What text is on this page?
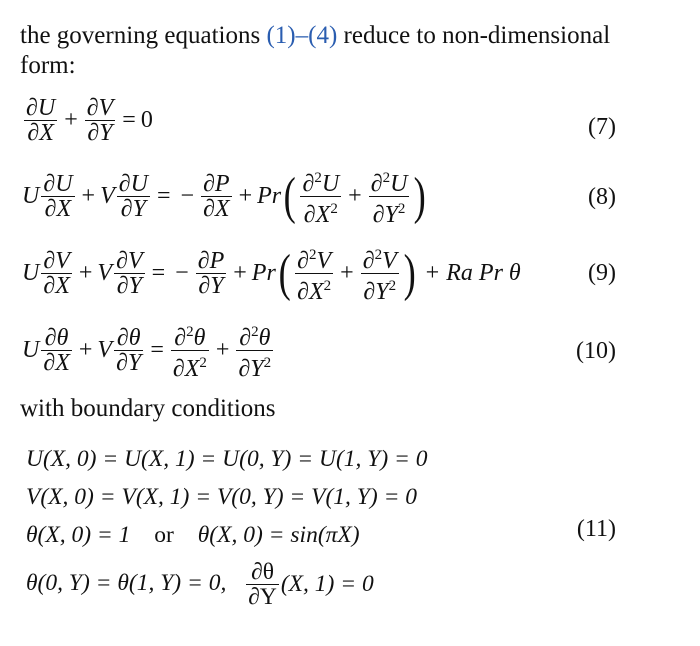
the governing equations (1)–(4) reduce to non-dimensional
form:
$\frac{\partial U}{\partial X} + \frac{\partial V}{\partial Y} = 0$	(7)
U $\frac{\partial U}{\partial X} + V \frac{\partial U}{\partial Y}$ = − $\frac{\partial P}{\partial X} + Pr( \frac{\partial^2U}{\partial X^2} + \frac{\partial^2U}{\partial Y^2}$ )	(8)
U $\frac{\partial V}{\partial X} + V \frac{\partial V}{\partial Y}$ = − $\frac{\partial P}{\partial Y} + Pr( \frac{\partial^2V}{\partial X^2} + \frac{\partial^2V}{\partial Y^2}$ ) + Ra Pr θ	(9)
U $\frac{\partial\theta}{\partial X} + V \frac{\partial\theta}{\partial Y} = \frac{\partial^2\theta}{\partial X^2} + \frac{\partial^2\theta}{\partial Y^2}$	(10)
with boundary conditions
U(X, 0) = U(X, 1) = U(0, Y) = U(1, Y) = 0
V(X, 0) = V(X, 1) = V(0, Y) = V(1, Y) = 0
θ(X, 0) = 1 or θ(X, 0) = sin(πX)	(11)
θ(0, Y) = θ(1, Y) = 0, $\frac{\partial\theta}{\partial Y} (X$, 1) = 0
